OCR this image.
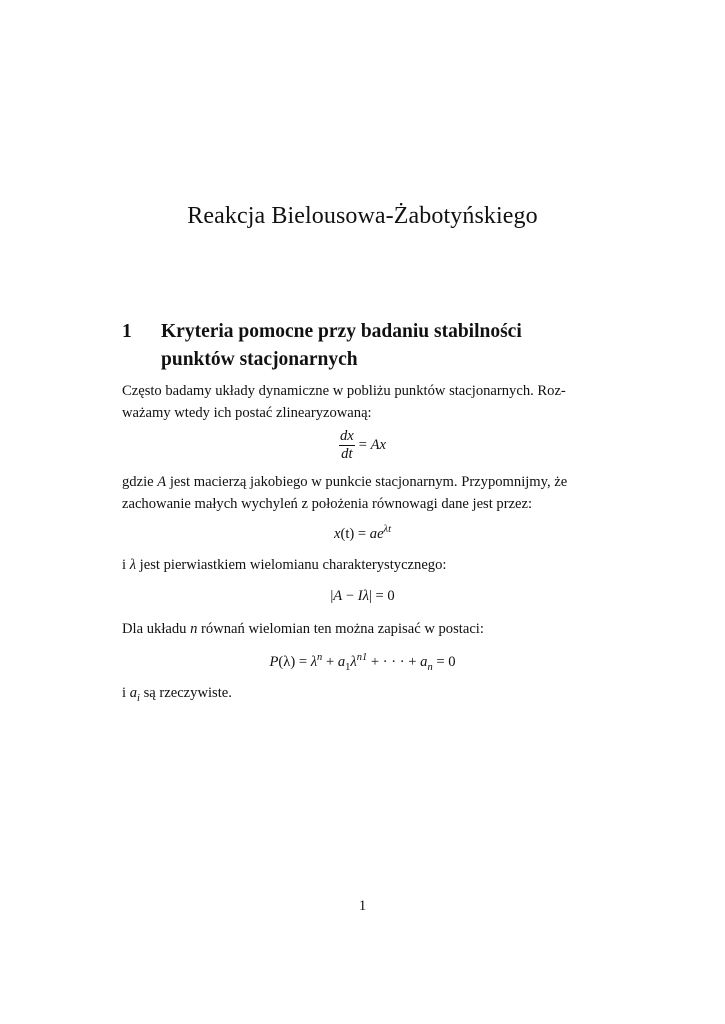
Reakcja Bielousowa-Żabotyńskiego
1 Kryteria pomocne przy badaniu stabilności
punktów stacjonarnych
Często badamy układy dynamiczne w pobliżu punktów stacjonarnych. Roz-
ważamy wtedy ich postać zlinearyzowaną:
$\frac{dx}{dt} = Ax$
gdzie A jest macierzą jakobiego w punkcie stacjonarnym. Przypomnijmy, że
zachowanie małych wychyleń z położenia równowagi dane jest przez:
$x(t) = ae^{\lambda t}$
i λ jest pierwiastkiem wielomianu charakterystycznego:
|A − Iλ| = 0
Dla układu n równań wielomian ten można zapisać w postaci:
$P(\lambda) = \lambda^n + a_1\lambda^{n1}$ + · · · + $a_n = 0$
i $a_i$ są rzeczywiste.
1
